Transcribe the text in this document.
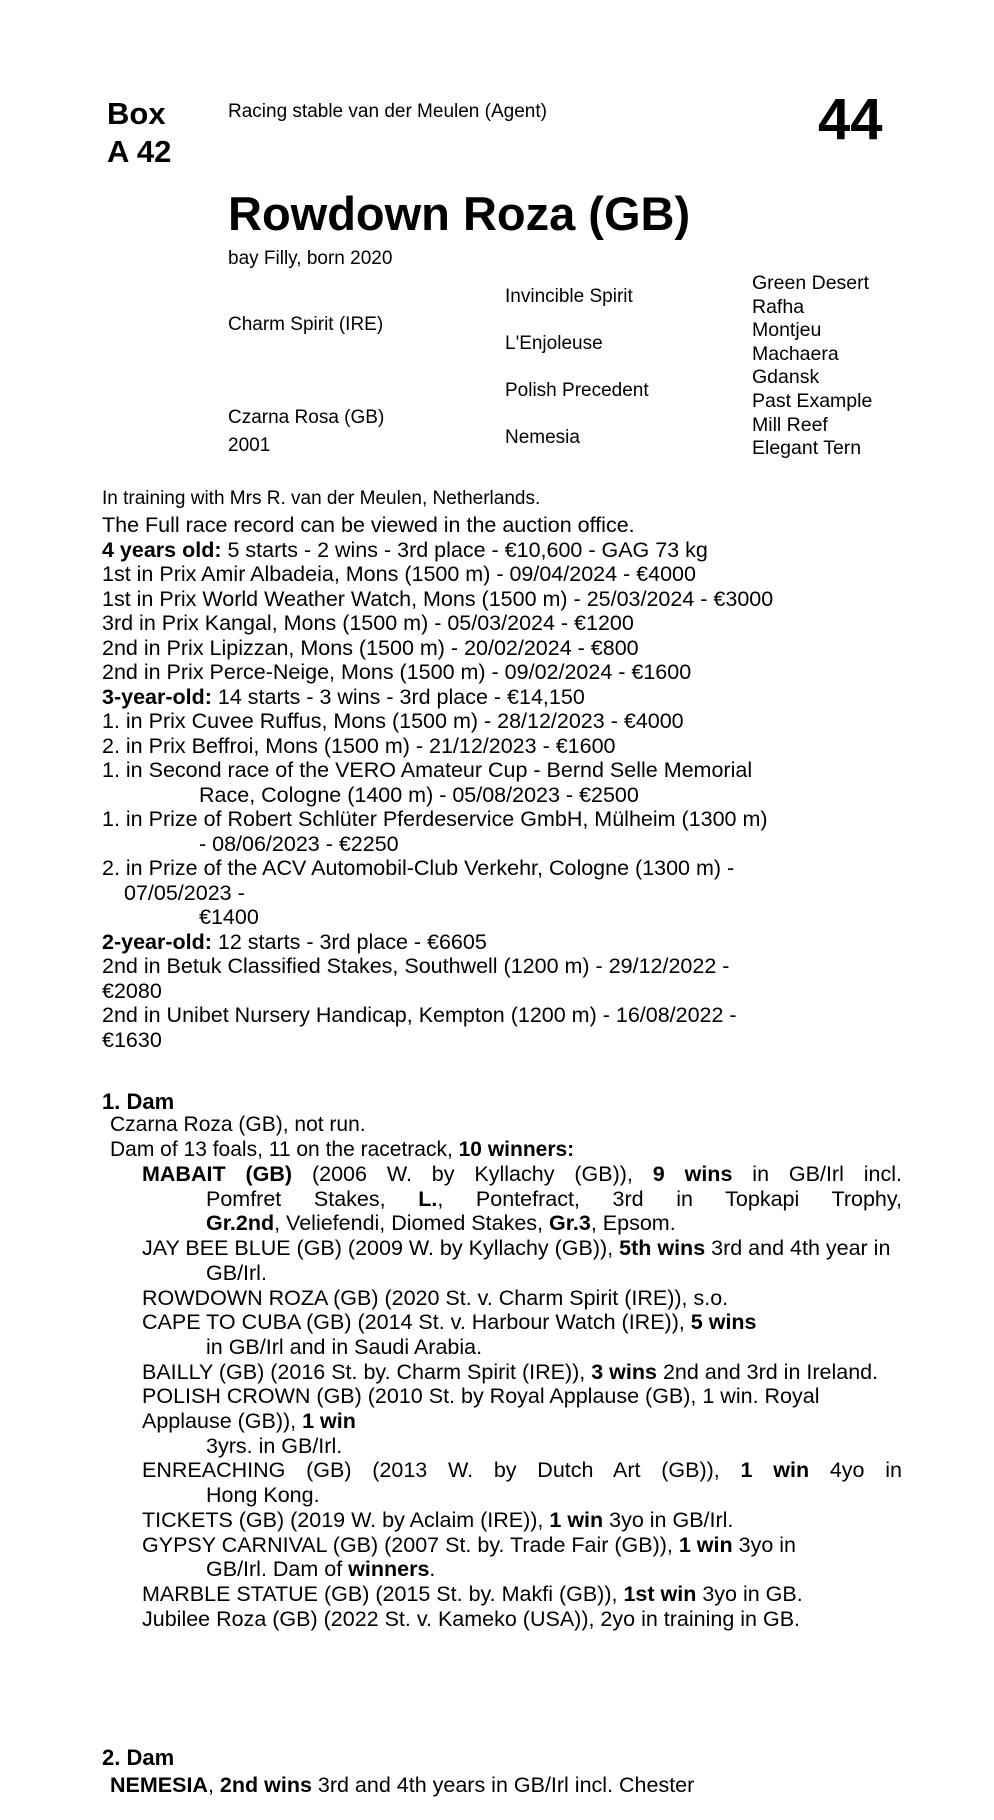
Box
A 42
Racing stable van der Meulen (Agent)	44
Rowdown Roza (GB)
bay Filly, born 2020
Charm Spirit (IRE)
Czarna Rosa (GB)
2001
Invincible Spirit
L'Enjoleuse
Polish Precedent
Nemesia
Green Desert
Rafha
Montjeu
Machaera
Gdansk
Past Example
Mill Reef
Elegant Tern
In training with Mrs R. van der Meulen, Netherlands.
The Full race record can be viewed in the auction office.
4 years old: 5 starts - 2 wins - 3rd place - €10,600 - GAG 73 kg
1st in Prix Amir Albadeia, Mons (1500 m) - 09/04/2024 - €4000
1st in Prix World Weather Watch, Mons (1500 m) - 25/03/2024 - €3000
3rd in Prix Kangal, Mons (1500 m) - 05/03/2024 - €1200
2nd in Prix Lipizzan, Mons (1500 m) - 20/02/2024 - €800
2nd in Prix Perce-Neige, Mons (1500 m) - 09/02/2024 - €1600
3-year-old: 14 starts - 3 wins - 3rd place - €14,150
1. in Prix Cuvee Ruffus, Mons (1500 m) - 28/12/2023 - €4000
2. in Prix Beffroi, Mons (1500 m) - 21/12/2023 - €1600
1. in Second race of the VERO Amateur Cup - Bernd Selle Memorial
Race, Cologne (1400 m) - 05/08/2023 - €2500
1. in Prize of Robert Schlüter Pferdeservice GmbH, Mülheim (1300 m)
- 08/06/2023 - €2250
2. in Prize of the ACV Automobil-Club Verkehr, Cologne (1300 m) -
07/05/2023 -
€1400
2-year-old: 12 starts - 3rd place - €6605
2nd in Betuk Classified Stakes, Southwell (1200 m) - 29/12/2022 -
€2080
2nd in Unibet Nursery Handicap, Kempton (1200 m) - 16/08/2022 -
€1630
1. Dam
Czarna Roza (GB), not run.
Dam of 13 foals, 11 on the racetrack, 10 winners:
MABAIT (GB) (2006 W. by Kyllachy (GB)), 9 wins in GB/Irl incl.
Pomfret Stakes, L., Pontefract, 3rd in Topkapi Trophy,
Gr.2nd, Veliefendi, Diomed Stakes, Gr.3, Epsom.
JAY BEE BLUE (GB) (2009 W. by Kyllachy (GB)), 5th wins 3rd and 4th year in
GB/Irl.
ROWDOWN ROZA (GB) (2020 St. v. Charm Spirit (IRE)), s.o.
CAPE TO CUBA (GB) (2014 St. v. Harbour Watch (IRE)), 5 wins
in GB/Irl and in Saudi Arabia.
BAILLY (GB) (2016 St. by. Charm Spirit (IRE)), 3 wins 2nd and 3rd in Ireland. POLISH CROWN (GB) (2010 St. by Royal Applause (GB), 1 win. Royal Applause (GB)), 1 win
3yrs. in GB/Irl.
ENREACHING (GB) (2013 W. by Dutch Art (GB)), 1 win 4yo in
Hong Kong.
TICKETS (GB) (2019 W. by Aclaim (IRE)), 1 win 3yo in GB/Irl.
GYPSY CARNIVAL (GB) (2007 St. by. Trade Fair (GB)), 1 win 3yo in
GB/Irl. Dam of winners.
MARBLE STATUE (GB) (2015 St. by. Makfi (GB)), 1st win 3yo in GB.
Jubilee Roza (GB) (2022 St. v. Kameko (USA)), 2yo in training in GB.
2. Dam
NEMESIA, 2nd wins 3rd and 4th years in GB/Irl incl. Chester
